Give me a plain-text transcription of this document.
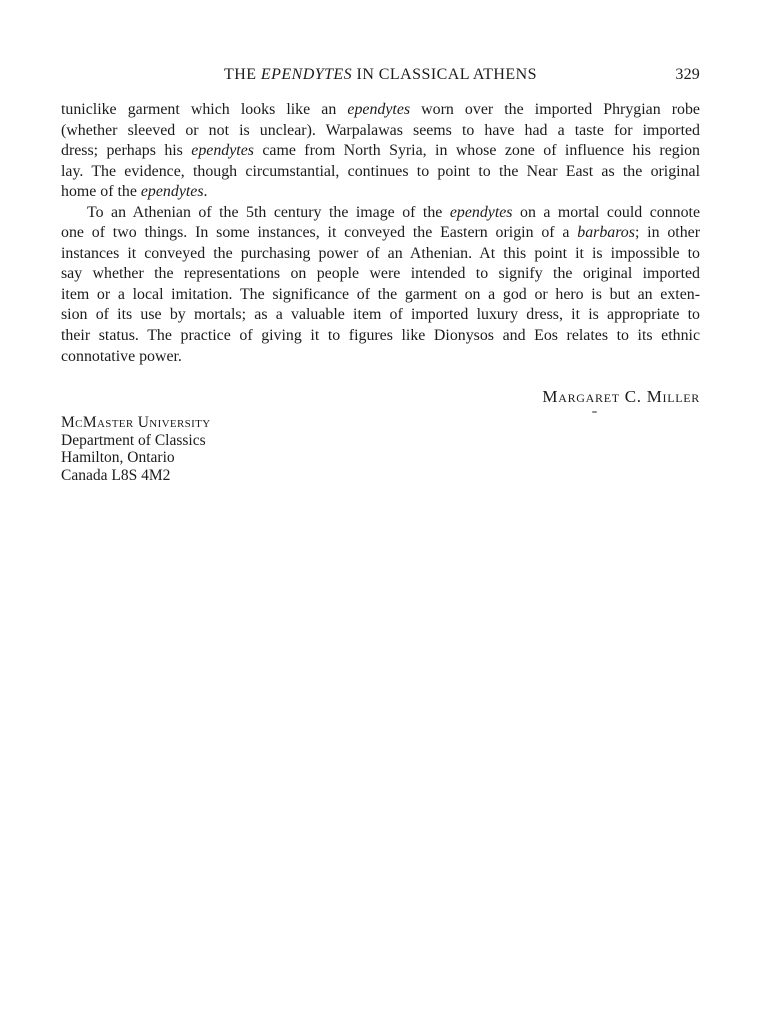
THE EPENDYTES IN CLASSICAL ATHENS	329
tuniclike garment which looks like an ependytes worn over the imported Phrygian robe
(whether sleeved or not is unclear). Warpalawas seems to have had a taste for imported
dress; perhaps his ependytes came from North Syria, in whose zone of influence his region
lay. The evidence, though circumstantial, continues to point to the Near East as the original
home of the ependytes.
To an Athenian of the 5th century the image of the ependytes on a mortal could connote
one of two things. In some instances, it conveyed the Eastern origin of a barbaros; in other
instances it conveyed the purchasing power of an Athenian. At this point it is impossible to
say whether the representations on people were intended to signify the original imported
item or a local imitation. The significance of the garment on a god or hero is but an exten-
sion of its use by mortals; as a valuable item of imported luxury dress, it is appropriate to
their status. The practice of giving it to figures like Dionysos and Eos relates to its ethnic
connotative power.
Margaret C. Miller
McMaster University
Department of Classics
Hamilton, Ontario
Canada L8S 4M2
